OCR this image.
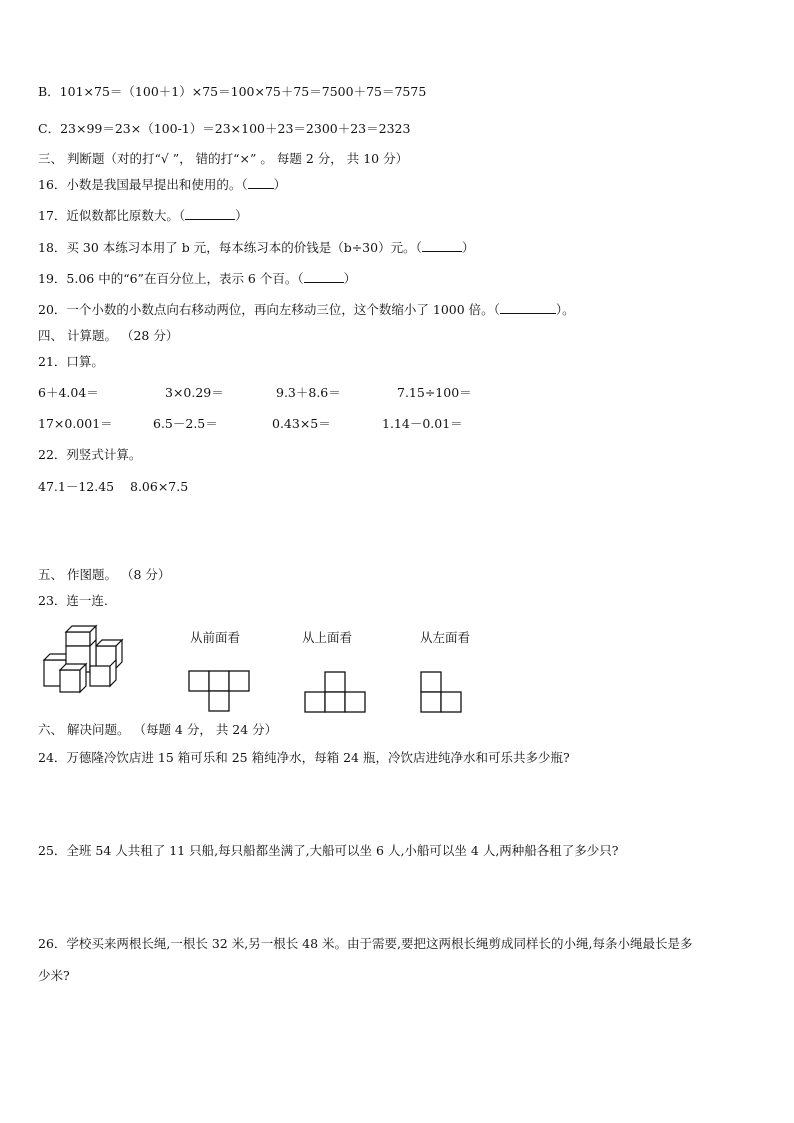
B．101×75＝（100＋1）×75＝100×75＋75＝7500＋75＝7575
C．23×99＝23×（100-1）＝23×100＋23＝2300＋23＝2323
三、 判断题（对的打“√ ”， 错的打“×” 。 每题 2 分， 共 10 分）
16．小数是我国最早提出和使用的。（ ）
17．近似数都比原数大。（	）
18．买 30 本练习本用了 b 元，每本练习本的价钱是（b÷30）元。（	）
19．5.06 中的“6”在百分位上，表示 6 个百。（	）
20．一个小数的小数点向右移动两位，再向左移动三位，这个数缩小了 1000 倍。（	）。
四、 计算题。 （28 分）
21．口算。
6＋4.04＝	3×0.29＝	9.3＋8.6＝	7.15÷100＝
17×0.001＝	6.5－2.5＝	0.43×5＝	1.14－0.01＝
22．列竖式计算。
47.1－12.45 8.06×7.5
五、 作图题。 （8 分）
23．连一连.
从前面看	从上面看	从左面看
六、 解决问题。 （每题 4 分， 共 24 分）
24．万德隆冷饮店进 15 箱可乐和 25 箱纯净水，每箱 24 瓶，冷饮店进纯净水和可乐共多少瓶?
25．全班 54 人共租了 11 只船,每只船都坐满了,大船可以坐 6 人,小船可以坐 4 人,两种船各租了多少只?
26．学校买来两根长绳,一根长 32 米,另一根长 48 米。由于需要,要把这两根长绳剪成同样长的小绳,每条小绳最长是多
少米?
